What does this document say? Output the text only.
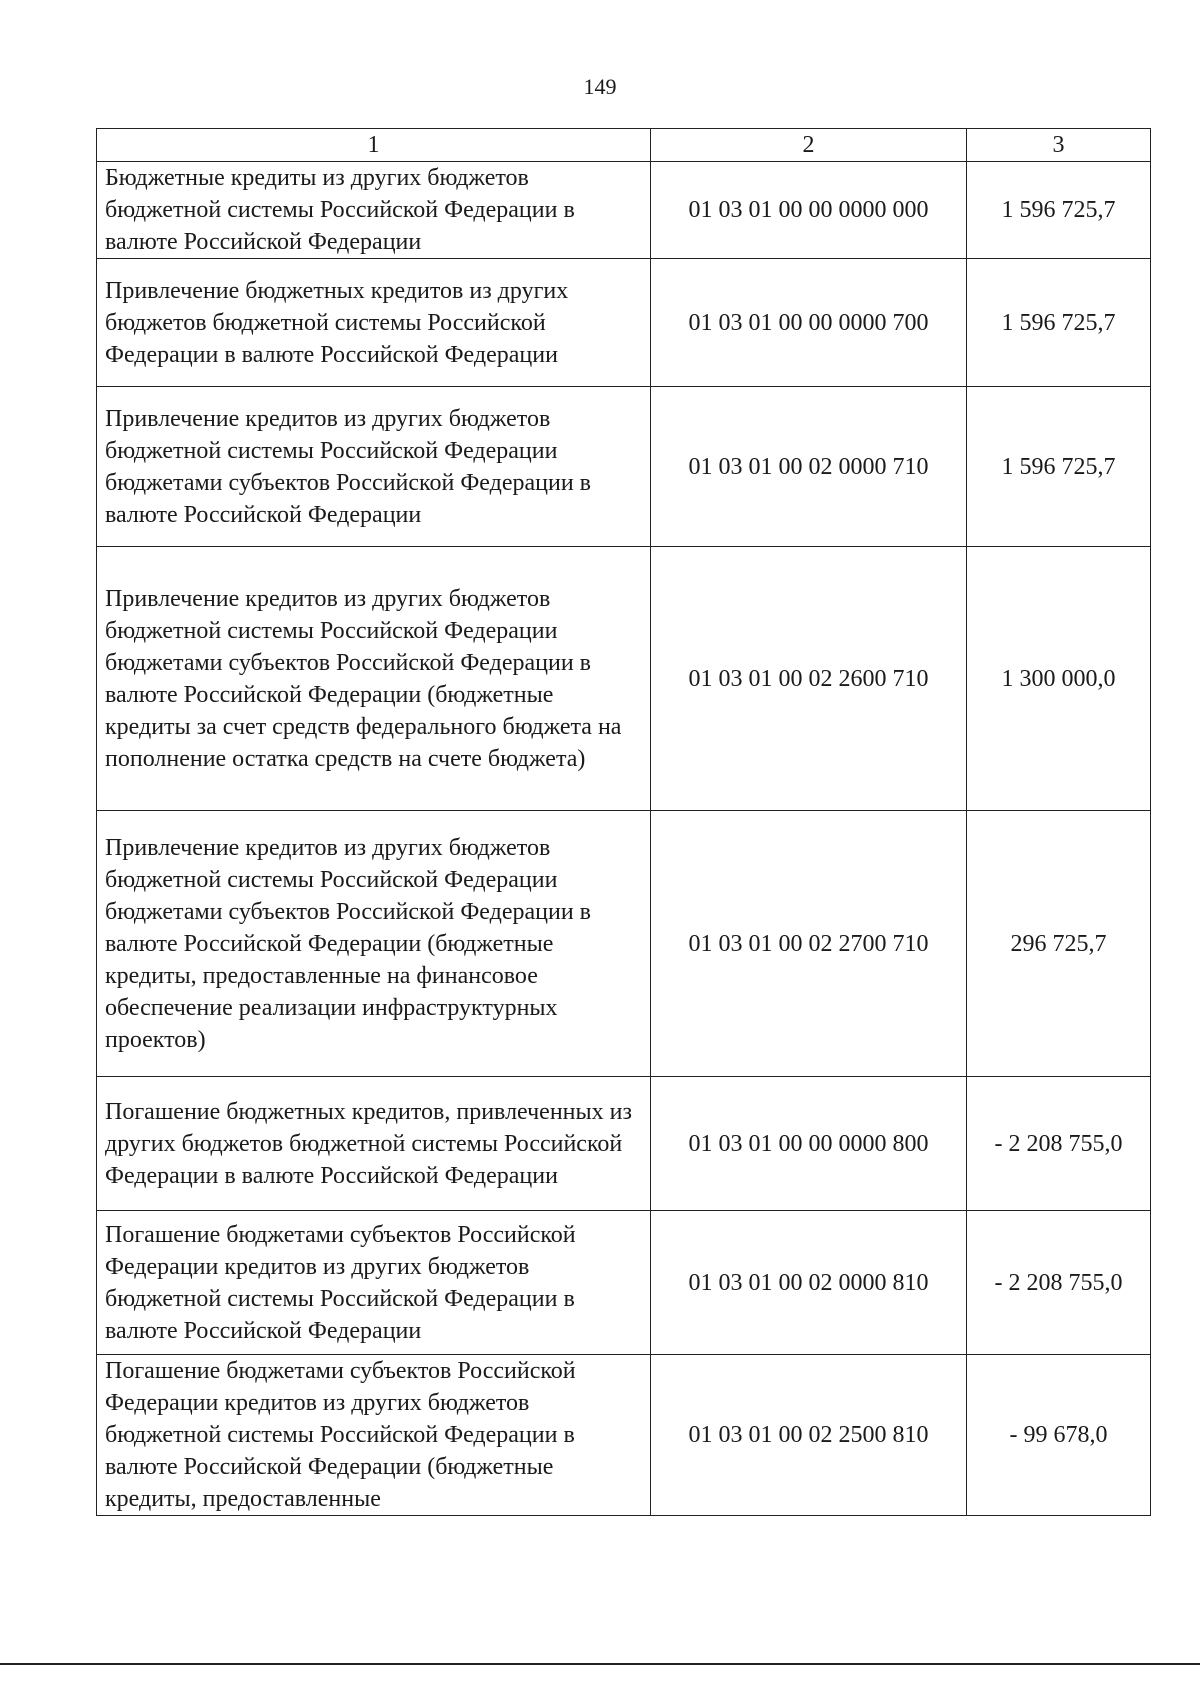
149
1	2	3
Бюджетные кредиты из других бюджетов бюджетной системы Российской Федерации в валюте Российской Федерации	01 03 01 00 00 0000 000	1 596 725,7
Привлечение бюджетных кредитов из других бюджетов бюджетной системы Российской Федерации в валюте Российской Федерации	01 03 01 00 00 0000 700	1 596 725,7
Привлечение кредитов из других бюджетов бюджетной системы Российской Федерации бюджетами субъектов Российской Федерации в валюте Российской Федерации	01 03 01 00 02 0000 710	1 596 725,7
Привлечение кредитов из других бюджетов бюджетной системы Российской Федерации бюджетами субъектов Российской Федерации в валюте Российской Федерации (бюджетные кредиты за счет средств федерального бюджета на пополнение остатка средств на счете бюджета)	01 03 01 00 02 2600 710	1 300 000,0
Привлечение кредитов из других бюджетов бюджетной системы Российской Федерации бюджетами субъектов Российской Федерации в валюте Российской Федерации (бюджетные кредиты, предоставленные на финансовое обеспечение реализации инфраструктурных проектов)	01 03 01 00 02 2700 710	296 725,7
Погашение бюджетных кредитов, привлеченных из других бюджетов бюджетной системы Российской Федерации в валюте Российской Федерации	01 03 01 00 00 0000 800	- 2 208 755,0
Погашение бюджетами субъектов Российской Федерации кредитов из других бюджетов бюджетной системы Российской Федерации в валюте Российской Федерации	01 03 01 00 02 0000 810	- 2 208 755,0
Погашение бюджетами субъектов Российской Федерации кредитов из других бюджетов бюджетной системы Российской Федерации в валюте Российской Федерации (бюджетные кредиты, предоставленные	01 03 01 00 02 2500 810	- 99 678,0
